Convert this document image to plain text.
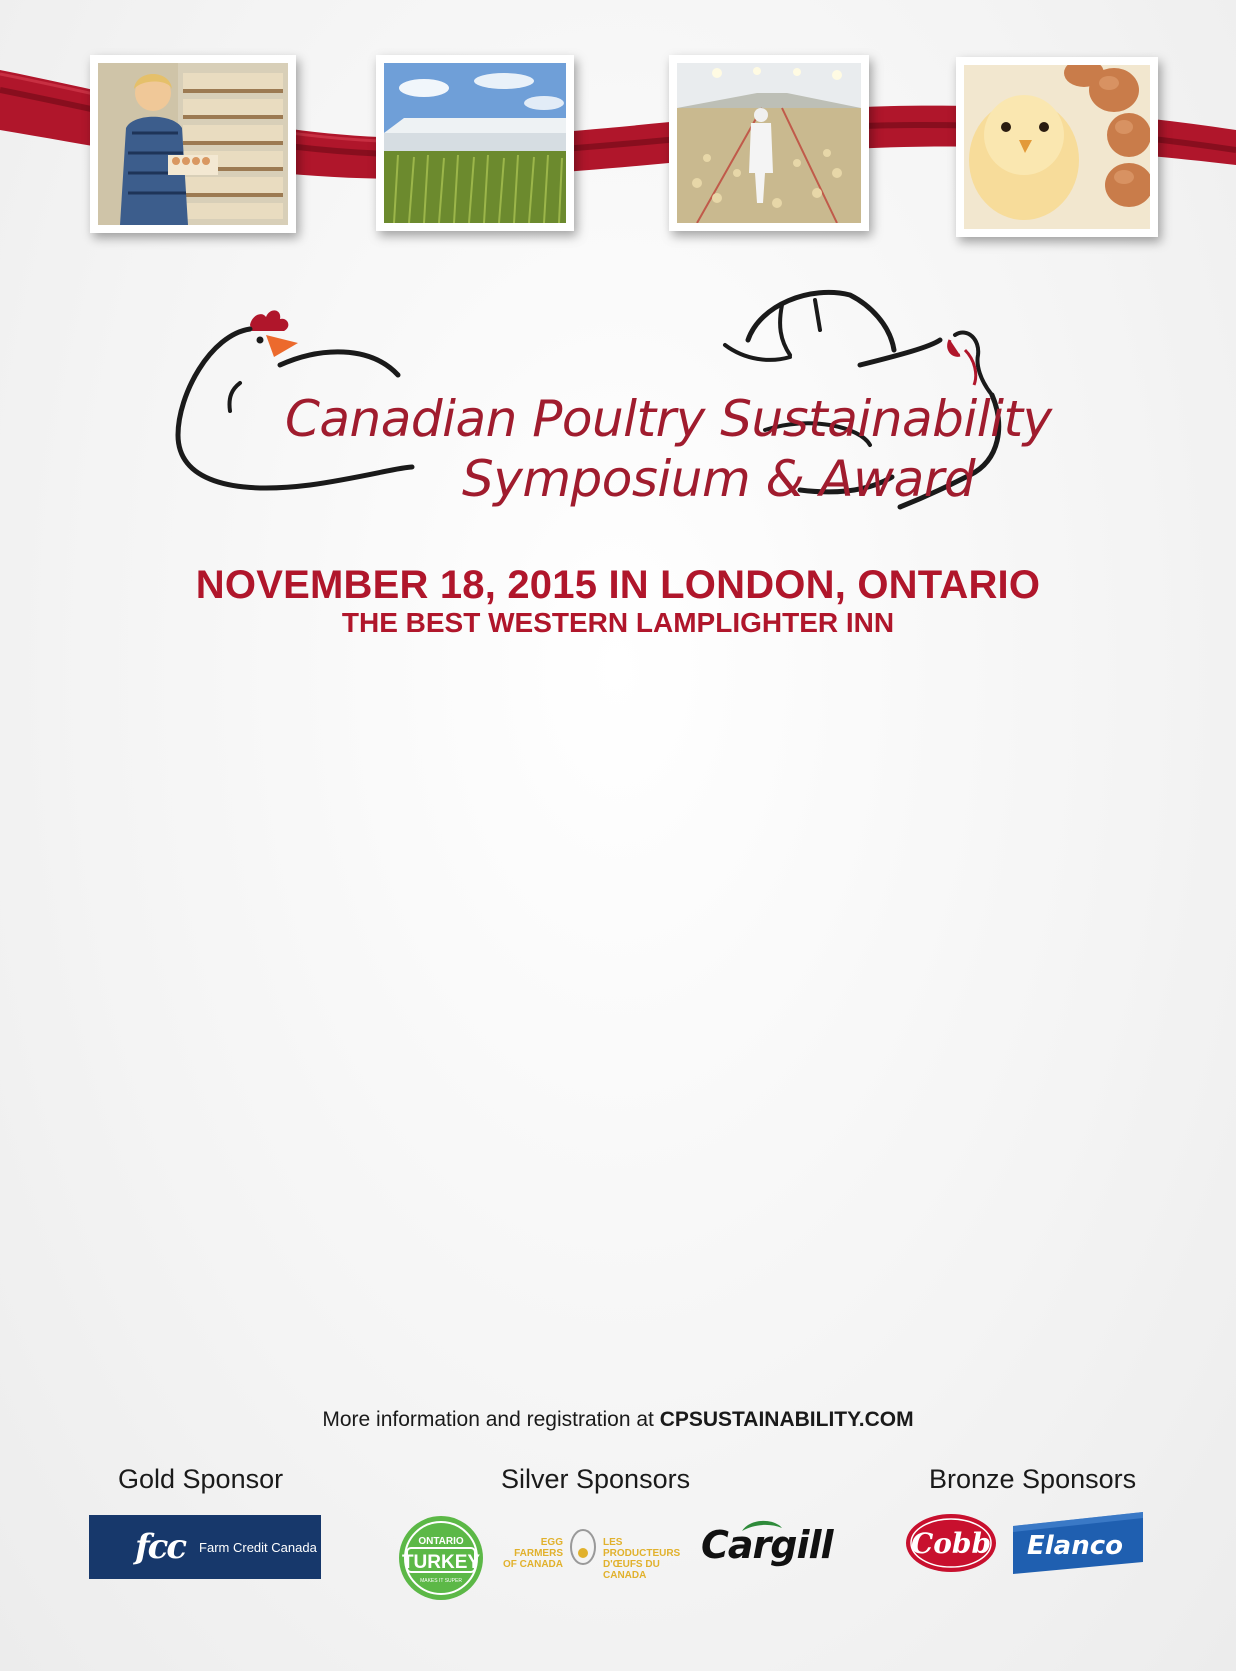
Canadian Poultry Sustainability
Symposium & Award
NOVEMBER 18, 2015 IN LONDON, ONTARIO
THE BEST WESTERN LAMPLIGHTER INN
More information and registration at CPSUSTAINABILITY.COM
Gold Sponsor	Silver Sponsors	Bronze Sponsors
fcc Farm Credit Canada	ONTARIO
TURKEY
MAKES IT SUPER
EGG FARMERS
OF CANADA
LES PRODUCTEURS
D'ŒUFS DU CANADA
Cargill	Cobb Elanco
